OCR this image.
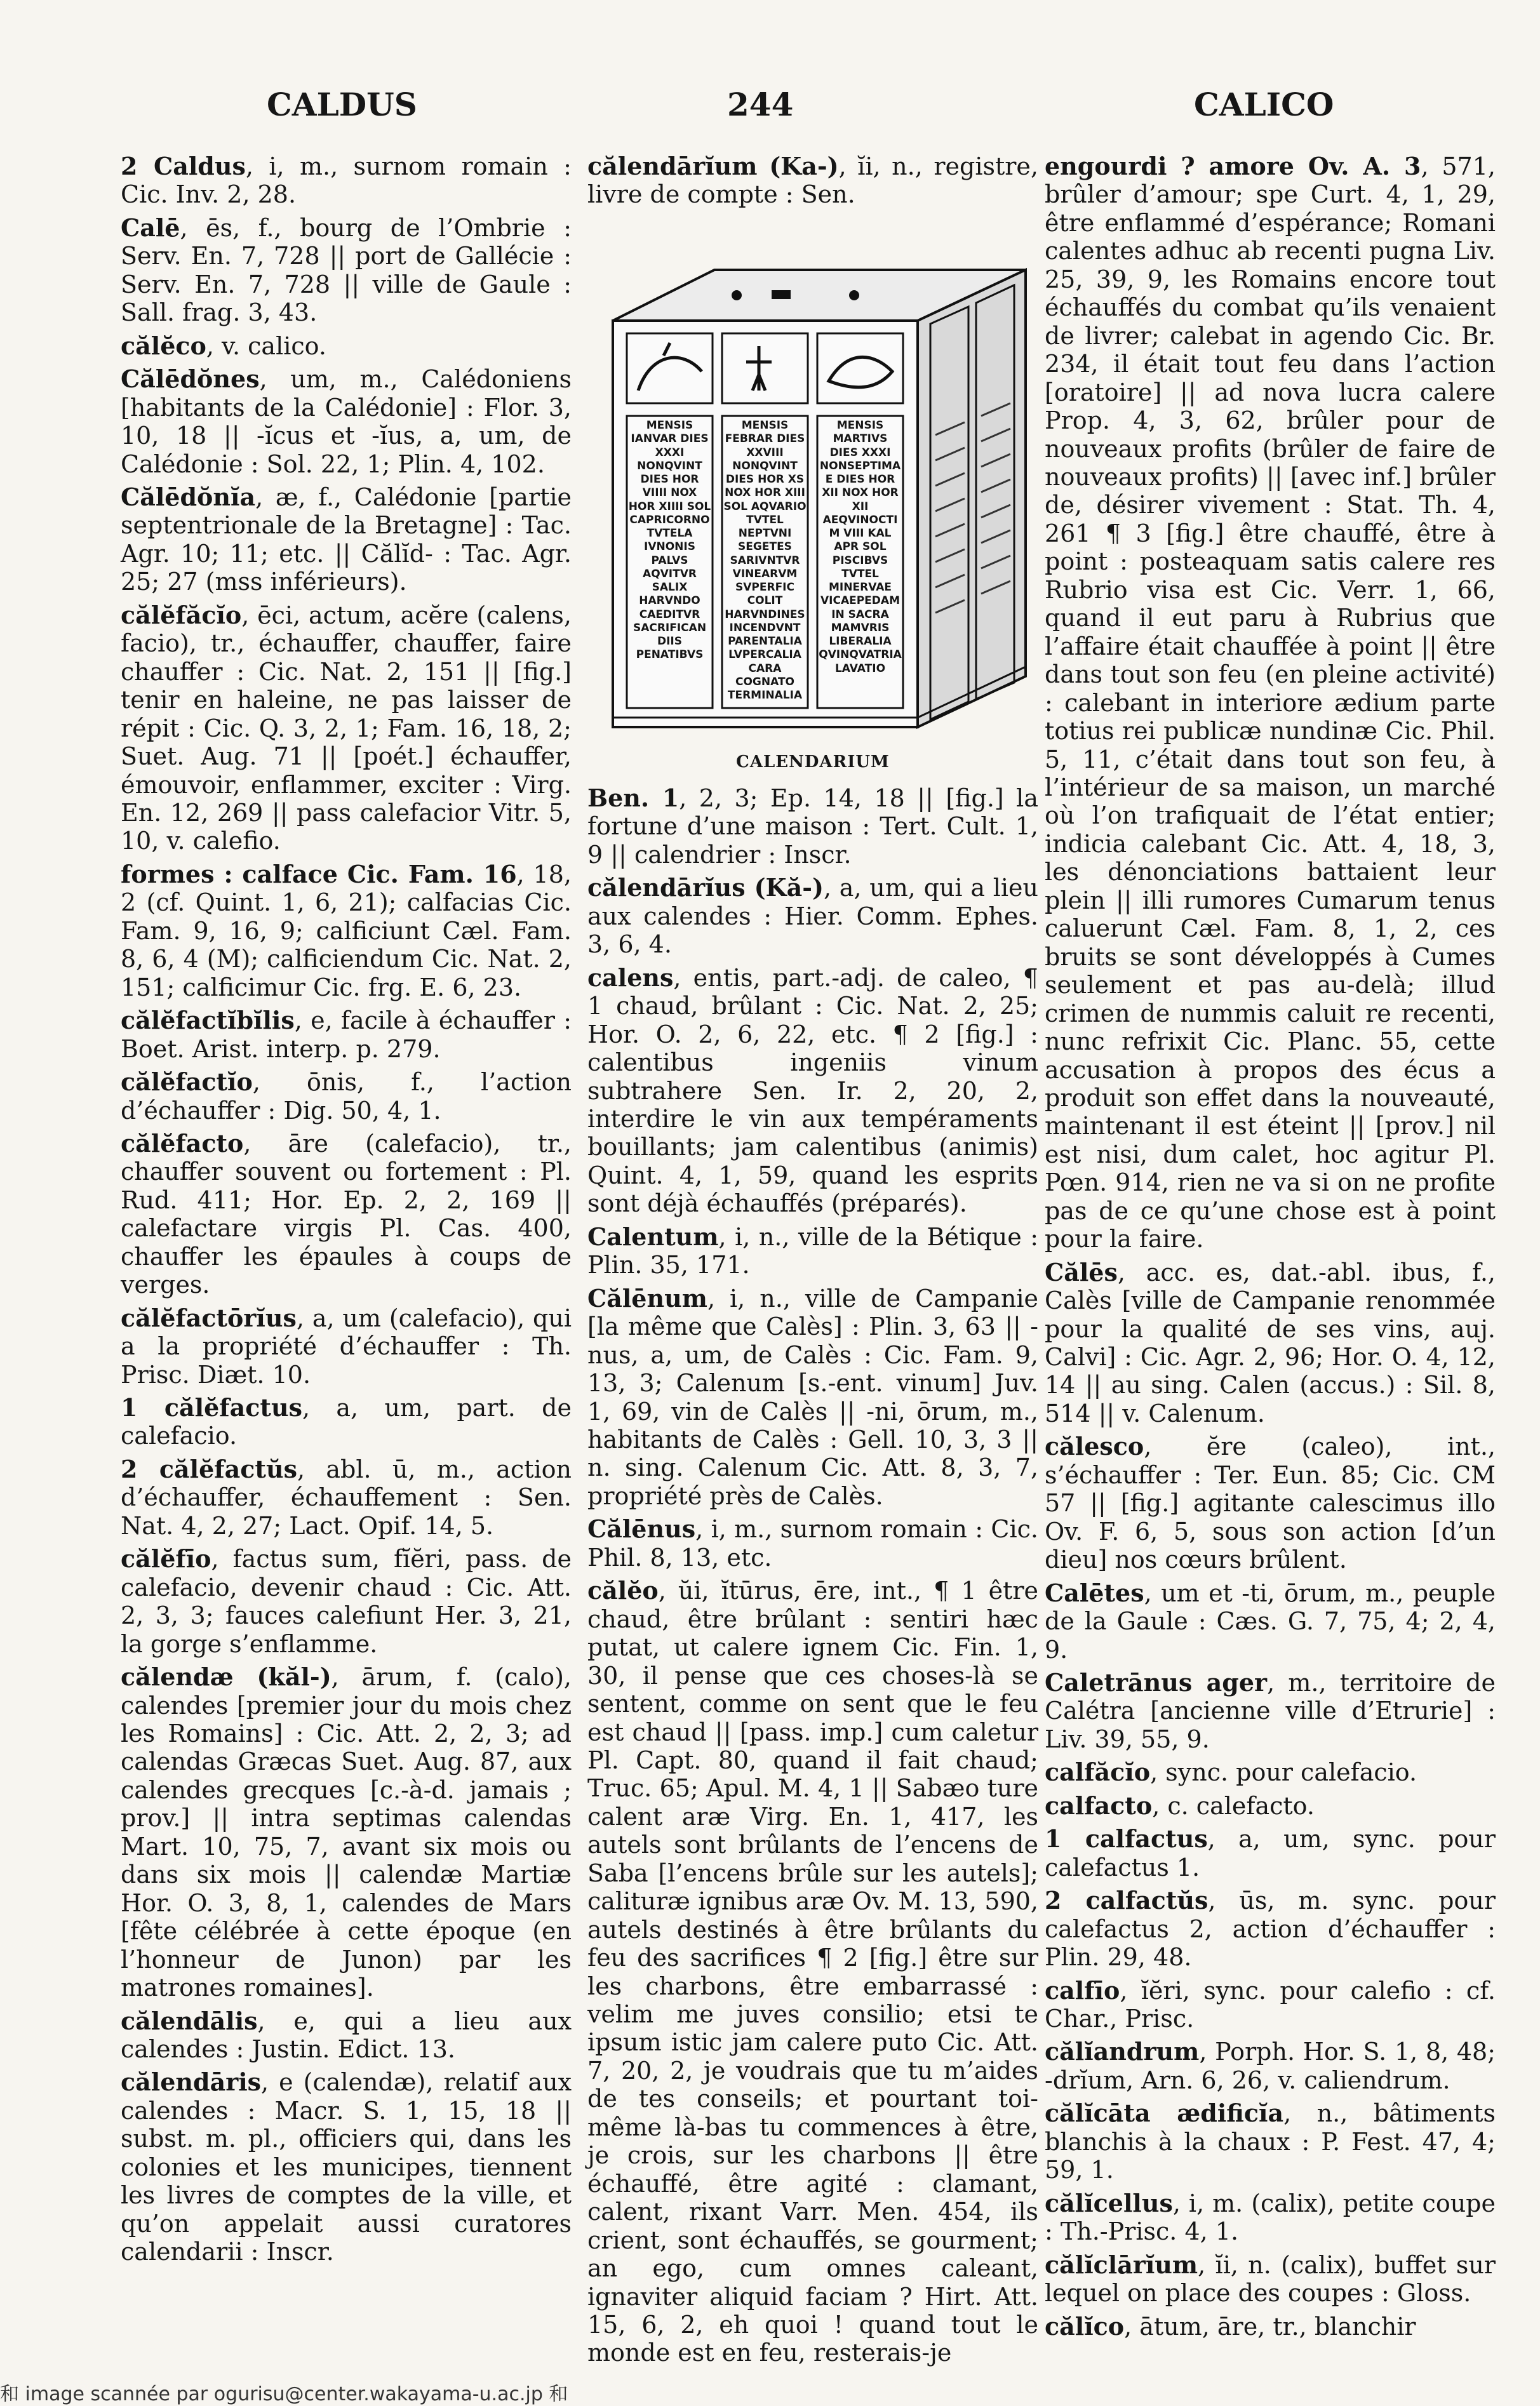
CALDUS	244	CALICO

2 Caldus, i, m., surnom romain : Cic. Inv. 2, 28.

Calē, ēs, f., bourg de l’Ombrie : Serv. En. 7, 728 || port de Gallécie : Serv. En. 7, 728 || ville de Gaule : Sall. frag. 3, 43.

călĕco, v. calico.

Călēdŏnes, um, m., Calédoniens [habitants de la Calédonie] : Flor. 3, 10, 18 || -ĭcus et -ĭus, a, um, de Calédonie : Sol. 22, 1; Plin. 4, 102.

Călēdŏnĭa, æ, f., Calédonie [partie septentrionale de la Bretagne] : Tac. Agr. 10; 11; etc. || Călĭd- : Tac. Agr. 25; 27 (mss inférieurs).

călĕfăcĭo, ēci, actum, acĕre (calens, facio), tr., échauffer, chauffer, faire chauffer : Cic. Nat. 2, 151 || [fig.] tenir en haleine, ne pas laisser de répit : Cic. Q. 3, 2, 1; Fam. 16, 18, 2; Suet. Aug. 71 || [poét.] échauffer, émouvoir, enflammer, exciter : Virg. En. 12, 269 || pass calefacior Vitr. 5, 10, v. calefio.

formes : calface Cic. Fam. 16, 18, 2 (cf. Quint. 1, 6, 21); calfacias Cic. Fam. 9, 16, 9; calficiunt Cæl. Fam. 8, 6, 4 (M); calficiendum Cic. Nat. 2, 151; calficimur Cic. frg. E. 6, 23.

călĕfactĭbĭlis, e, facile à échauffer : Boet. Arist. interp. p. 279.

călĕfactĭo, ōnis, f., l’action d’échauffer : Dig. 50, 4, 1.

călĕfacto, āre (calefacio), tr., chauffer souvent ou fortement : Pl. Rud. 411; Hor. Ep. 2, 2, 169 || calefactare virgis Pl. Cas. 400, chauffer les épaules à coups de verges.

călĕfactōrĭus, a, um (calefacio), qui a la propriété d’échauffer : Th. Prisc. Diæt. 10.

1 călĕfactus, a, um, part. de calefacio.

2 călĕfactŭs, abl. ū, m., action d’échauffer, échauffement : Sen. Nat. 4, 2, 27; Lact. Opif. 14, 5.

călĕfīo, factus sum, fĭĕri, pass. de calefacio, devenir chaud : Cic. Att. 2, 3, 3; fauces calefiunt Her. 3, 21, la gorge s’enflamme.

călendæ (kăl-), ārum, f. (calo), calendes [premier jour du mois chez les Romains] : Cic. Att. 2, 2, 3; ad calendas Græcas Suet. Aug. 87, aux calendes grecques [c.-à-d. jamais ; prov.] || intra septimas calendas Mart. 10, 75, 7, avant six mois ou dans six mois || calendæ Martiæ Hor. O. 3, 8, 1, calendes de Mars [fête célébrée à cette époque (en l’honneur de Junon) par les matrones romaines].

călendālis, e, qui a lieu aux calendes : Justin. Edict. 13.

călendāris, e (calendæ), relatif aux calendes : Macr. S. 1, 15, 18 || subst. m. pl., officiers qui, dans les colonies et les municipes, tiennent les livres de comptes de la ville, et qu’on appelait aussi curatores calendarii : Inscr.

călendārĭum (Ka-), ĭi, n., registre, livre de compte : Sen.

MENSIS IANVAR DIES XXXI NONQVINT DIES HOR VIIII NOX HOR XIIII SOL CAPRICORNO TVTELA IVNONIS PALVS AQVITVR SALIX HARVNDO CAEDITVR SACRIFICAN DIIS PENATIBVS
MENSIS FEBRAR DIES XXVIII NONQVINT DIES HOR XS NOX HOR XIII SOL AQVARIO TVTEL NEPTVNI SEGETES SARIVNTVR VINEARVM SVPERFIC COLIT HARVNDINES INCENDVNT PARENTALIA LVPERCALIA CARA COGNATO TERMINALIA
MENSIS MARTIVS DIES XXXI NONSEPTIMAE DIES HOR XII NOX HOR XII AEQVINOCTIM VIII KAL APR SOL PISCIBVS TVTEL MINERVAE VICAEPEDAMIN SACRA MAMVRIS LIBERALIA QVINQVATRIA LAVATIO
CALENDARIUM

Ben. 1, 2, 3; Ep. 14, 18 || [fig.] la fortune d’une maison : Tert. Cult. 1, 9 || calendrier : Inscr.

călendārĭus (Kă-), a, um, qui a lieu aux calendes : Hier. Comm. Ephes. 3, 6, 4.

calens, entis, part.-adj. de caleo, ¶ 1 chaud, brûlant : Cic. Nat. 2, 25; Hor. O. 2, 6, 22, etc. ¶ 2 [fig.] : calentibus ingeniis vinum subtrahere Sen. Ir. 2, 20, 2, interdire le vin aux tempéraments bouillants; jam calentibus (animis) Quint. 4, 1, 59, quand les esprits sont déjà échauffés (préparés).

Calentum, i, n., ville de la Bétique : Plin. 35, 171.

Călēnum, i, n., ville de Campanie [la même que Calès] : Plin. 3, 63 || -nus, a, um, de Calès : Cic. Fam. 9, 13, 3; Calenum [s.-ent. vinum] Juv. 1, 69, vin de Calès || -ni, ōrum, m., habitants de Calès : Gell. 10, 3, 3 || n. sing. Calenum Cic. Att. 8, 3, 7, propriété près de Calès.

Călēnus, i, m., surnom romain : Cic. Phil. 8, 13, etc.

călĕo, ŭi, ĭtūrus, ēre, int., ¶ 1 être chaud, être brûlant : sentiri hæc putat, ut calere ignem Cic. Fin. 1, 30, il pense que ces choses-là se sentent, comme on sent que le feu est chaud || [pass. imp.] cum caletur Pl. Capt. 80, quand il fait chaud; Truc. 65; Apul. M. 4, 1 || Sabæo ture calent aræ Virg. En. 1, 417, les autels sont brûlants de l’encens de Saba [l’encens brûle sur les autels]; calituræ ignibus aræ Ov. M. 13, 590, autels destinés à être brûlants du feu des sacrifices ¶ 2 [fig.] être sur les charbons, être embarrassé : velim me juves consilio; etsi te ipsum istic jam calere puto Cic. Att. 7, 20, 2, je voudrais que tu m’aides de tes conseils; et pourtant toi-même là-bas tu commences à être, je crois, sur les charbons || être échauffé, être agité : clamant, calent, rixant Varr. Men. 454, ils crient, sont échauffés, se gourment; an ego, cum omnes caleant, ignaviter aliquid faciam ? Hirt. Att. 15, 6, 2, eh quoi ! quand tout le monde est en feu, resterais-je

engourdi ? amore Ov. A. 3, 571, brûler d’amour; spe Curt. 4, 1, 29, être enflammé d’espérance; Romani calentes adhuc ab recenti pugna Liv. 25, 39, 9, les Romains encore tout échauffés du combat qu’ils venaient de livrer; calebat in agendo Cic. Br. 234, il était tout feu dans l’action [oratoire] || ad nova lucra calere Prop. 4, 3, 62, brûler pour de nouveaux profits (brûler de faire de nouveaux profits) || [avec inf.] brûler de, désirer vivement : Stat. Th. 4, 261 ¶ 3 [fig.] être chauffé, être à point : posteaquam satis calere res Rubrio visa est Cic. Verr. 1, 66, quand il eut paru à Rubrius que l’affaire était chauffée à point || être dans tout son feu (en pleine activité) : calebant in interiore ædium parte totius rei publicæ nundinæ Cic. Phil. 5, 11, c’était dans tout son feu, à l’intérieur de sa maison, un marché où l’on trafiquait de l’état entier; indicia calebant Cic. Att. 4, 18, 3, les dénonciations battaient leur plein || illi rumores Cumarum tenus caluerunt Cæl. Fam. 8, 1, 2, ces bruits se sont développés à Cumes seulement et pas au-delà; illud crimen de nummis caluit re recenti, nunc refrixit Cic. Planc. 55, cette accusation à propos des écus a produit son effet dans la nouveauté, maintenant il est éteint || [prov.] nil est nisi, dum calet, hoc agitur Pl. Pœn. 914, rien ne va si on ne profite pas de ce qu’une chose est à point pour la faire.

Călēs, acc. es, dat.-abl. ibus, f., Calès [ville de Campanie renommée pour la qualité de ses vins, auj. Calvi] : Cic. Agr. 2, 96; Hor. O. 4, 12, 14 || au sing. Calen (accus.) : Sil. 8, 514 || v. Calenum.

călesco, ĕre (caleo), int., s’échauffer : Ter. Eun. 85; Cic. CM 57 || [fig.] agitante calescimus illo Ov. F. 6, 5, sous son action [d’un dieu] nos cœurs brûlent.

Calētes, um et -ti, ōrum, m., peuple de la Gaule : Cæs. G. 7, 75, 4; 2, 4, 9.

Caletrānus ager, m., territoire de Calétra [ancienne ville d’Etrurie] : Liv. 39, 55, 9.

calfăcĭo, sync. pour calefacio.

calfacto, c. calefacto.

1 calfactus, a, um, sync. pour calefactus 1.

2 calfactŭs, ūs, m. sync. pour calefactus 2, action d’échauffer : Plin. 29, 48.

calfīo, ĭĕri, sync. pour calefio : cf. Char., Prisc.

călĭandrum, Porph. Hor. S. 1, 8, 48; -drĭum, Arn. 6, 26, v. caliendrum.

călĭcāta ædificĭa, n., bâtiments blanchis à la chaux : P. Fest. 47, 4; 59, 1.

călĭcellus, i, m. (calix), petite coupe : Th.-Prisc. 4, 1.

călĭclārĭum, ĭi, n. (calix), buffet sur lequel on place des coupes : Gloss.

călĭco, ātum, āre, tr., blanchir

和 image scannée par ogurisu@center.wakayama-u.ac.jp 和
